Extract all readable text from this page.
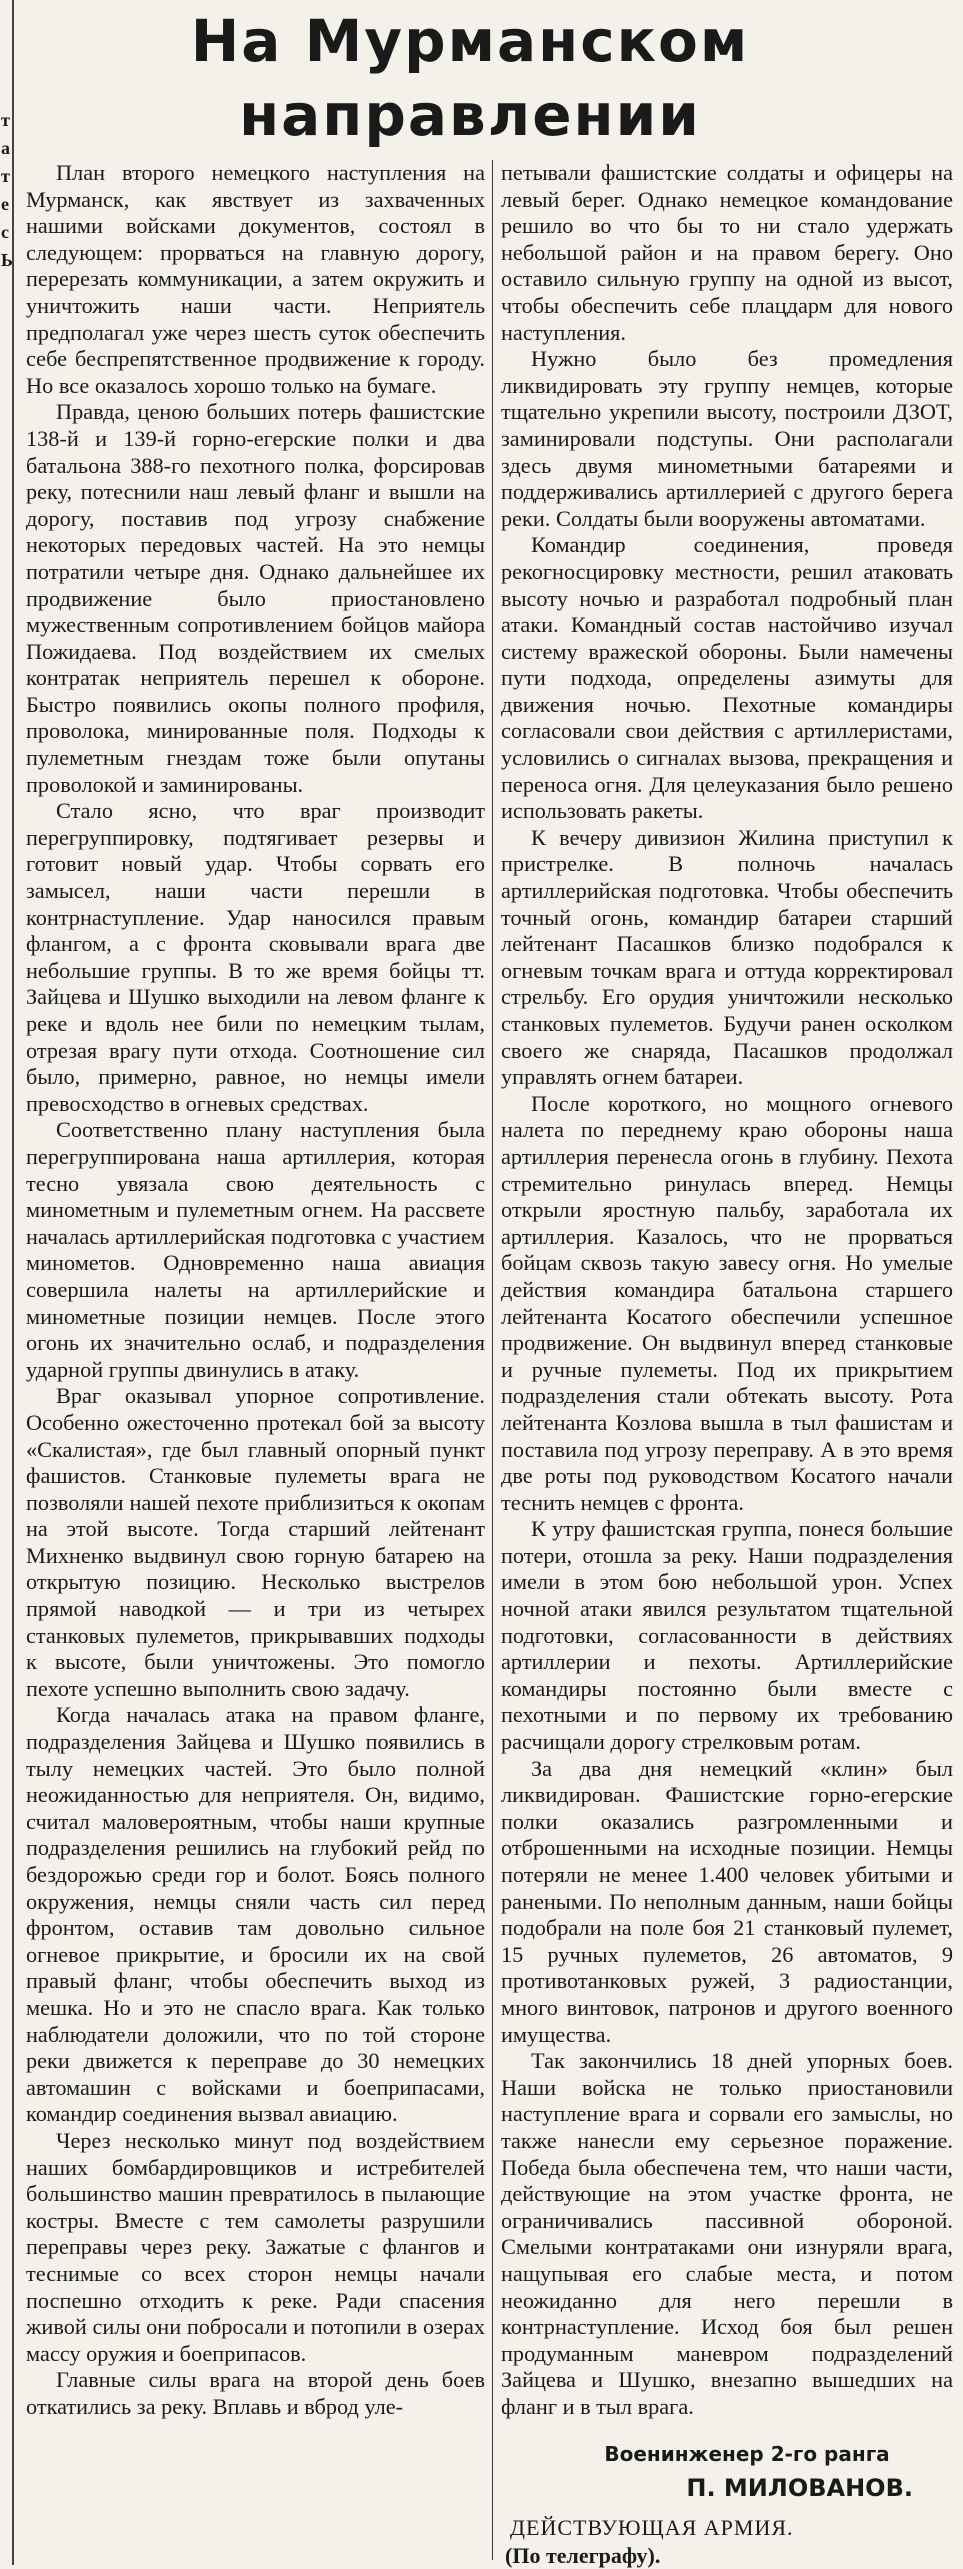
т
а
т
е
с
Ь
На Мурманском
направлении

План второго немецкого наступления на Мурманск, как явствует из захваченных нашими войсками документов, состоял в следующем: прорваться на главную дорогу, перерезать коммуникации, а затем окружить и уничтожить наши части. Неприятель предполагал уже через шесть суток обеспечить себе беспрепятственное продвижение к городу. Но все оказалось хорошо только на бумаге.

Правда, ценою больших потерь фашистские 138-й и 139-й горно-егерские полки и два батальона 388-го пехотного полка, форсировав реку, потеснили наш левый фланг и вышли на дорогу, поставив под угрозу снабжение некоторых передовых частей. На это немцы потратили четыре дня. Однако дальнейшее их продвижение было приостановлено мужественным сопротивлением бойцов майора Пожидаева. Под воздействием их смелых контратак неприятель перешел к обороне. Быстро появились окопы полного профиля, проволока, минированные поля. Подходы к пулеметным гнездам тоже были опутаны проволокой и заминированы.

Стало ясно, что враг производит перегруппировку, подтягивает резервы и готовит новый удар. Чтобы сорвать его замысел, наши части перешли в контрнаступление. Удар наносился правым флангом, а с фронта сковывали врага две небольшие группы. В то же время бойцы тт. Зайцева и Шушко выходили на левом фланге к реке и вдоль нее били по немецким тылам, отрезая врагу пути отхода. Соотношение сил было, примерно, равное, но немцы имели превосходство в огневых средствах.

Соответственно плану наступления была перегруппирована наша артиллерия, которая тесно увязала свою деятельность с минометным и пулеметным огнем. На рассвете началась артиллерийская подготовка с участием минометов. Одновременно наша авиация совершила налеты на артиллерийские и минометные позиции немцев. После этого огонь их значительно ослаб, и подразделения ударной группы двинулись в атаку.

Враг оказывал упорное сопротивление. Особенно ожесточенно протекал бой за высоту «Скалистая», где был главный опорный пункт фашистов. Станковые пулеметы врага не позволяли нашей пехоте приблизиться к окопам на этой высоте. Тогда старший лейтенант Михненко выдвинул свою горную батарею на открытую позицию. Несколько выстрелов прямой наводкой — и три из четырех станковых пулеметов, прикрывавших подходы к высоте, были уничтожены. Это помогло пехоте успешно выполнить свою задачу.

Когда началась атака на правом фланге, подразделения Зайцева и Шушко появились в тылу немецких частей. Это было полной неожиданностью для неприятеля. Он, видимо, считал маловероятным, чтобы наши крупные подразделения решились на глубокий рейд по бездорожью среди гор и болот. Боясь полного окружения, немцы сняли часть сил перед фронтом, оставив там довольно сильное огневое прикрытие, и бросили их на свой правый фланг, чтобы обеспечить выход из мешка. Но и это не спасло врага. Как только наблюдатели доложили, что по той стороне реки движется к переправе до 30 немецких автомашин с войсками и боеприпасами, командир соединения вызвал авиацию.

Через несколько минут под воздействием наших бомбардировщиков и истребителей большинство машин превратилось в пылающие костры. Вместе с тем самолеты разрушили переправы через реку. Зажатые с флангов и теснимые со всех сторон немцы начали поспешно отходить к реке. Ради спасения живой силы они побросали и потопили в озерах массу оружия и боеприпасов.

Главные силы врага на второй день боев откатились за реку. Вплавь и вброд уле-

петывали фашистские солдаты и офицеры на левый берег. Однако немецкое командование решило во что бы то ни стало удержать небольшой район и на правом берегу. Оно оставило сильную группу на одной из высот, чтобы обеспечить себе плацдарм для нового наступления.

Нужно было без промедления ликвидировать эту группу немцев, которые тщательно укрепили высоту, построили ДЗОТ, заминировали подступы. Они располагали здесь двумя минометными батареями и поддерживались артиллерией с другого берега реки. Солдаты были вооружены автоматами.

Командир соединения, проведя рекогносцировку местности, решил атаковать высоту ночью и разработал подробный план атаки. Командный состав настойчиво изучал систему вражеской обороны. Были намечены пути подхода, определены азимуты для движения ночью. Пехотные командиры согласовали свои действия с артиллеристами, условились о сигналах вызова, прекращения и переноса огня. Для целеуказания было решено использовать ракеты.

К вечеру дивизион Жилина приступил к пристрелке. В полночь началась артиллерийская подготовка. Чтобы обеспечить точный огонь, командир батареи старший лейтенант Пасашков близко подобрался к огневым точкам врага и оттуда корректировал стрельбу. Его орудия уничтожили несколько станковых пулеметов. Будучи ранен осколком своего же снаряда, Пасашков продолжал управлять огнем батареи.

После короткого, но мощного огневого налета по переднему краю обороны наша артиллерия перенесла огонь в глубину. Пехота стремительно ринулась вперед. Немцы открыли яростную пальбу, заработала их артиллерия. Казалось, что не прорваться бойцам сквозь такую завесу огня. Но умелые действия командира батальона старшего лейтенанта Косатого обеспечили успешное продвижение. Он выдвинул вперед станковые и ручные пулеметы. Под их прикрытием подразделения стали обтекать высоту. Рота лейтенанта Козлова вышла в тыл фашистам и поставила под угрозу переправу. А в это время две роты под руководством Косатого начали теснить немцев с фронта.

К утру фашистская группа, понеся большие потери, отошла за реку. Наши подразделения имели в этом бою небольшой урон. Успех ночной атаки явился результатом тщательной подготовки, согласованности в действиях артиллерии и пехоты. Артиллерийские командиры постоянно были вместе с пехотными и по первому их требованию расчищали дорогу стрелковым ротам.

За два дня немецкий «клин» был ликвидирован. Фашистские горно-егерские полки оказались разгромленными и отброшенными на исходные позиции. Немцы потеряли не менее 1.400 человек убитыми и ранеными. По неполным данным, наши бойцы подобрали на поле боя 21 станковый пулемет, 15 ручных пулеметов, 26 автоматов, 9 противотанковых ружей, 3 радиостанции, много винтовок, патронов и другого военного имущества.

Так закончились 18 дней упорных боев. Наши войска не только приостановили наступление врага и сорвали его замыслы, но также нанесли ему серьезное поражение. Победа была обеспечена тем, что наши части, действующие на этом участке фронта, не ограничивались пассивной обороной. Смелыми контратаками они изнуряли врага, нащупывая его слабые места, и потом неожиданно для него перешли в контрнаступление. Исход боя был решен продуманным маневром подразделений Зайцева и Шушко, внезапно вышедших на фланг и в тыл врага.

Военинженер 2-го ранга
П. МИЛОВАНОВ.
ДЕЙСТВУЮЩАЯ АРМИЯ.
(По телеграфу).
